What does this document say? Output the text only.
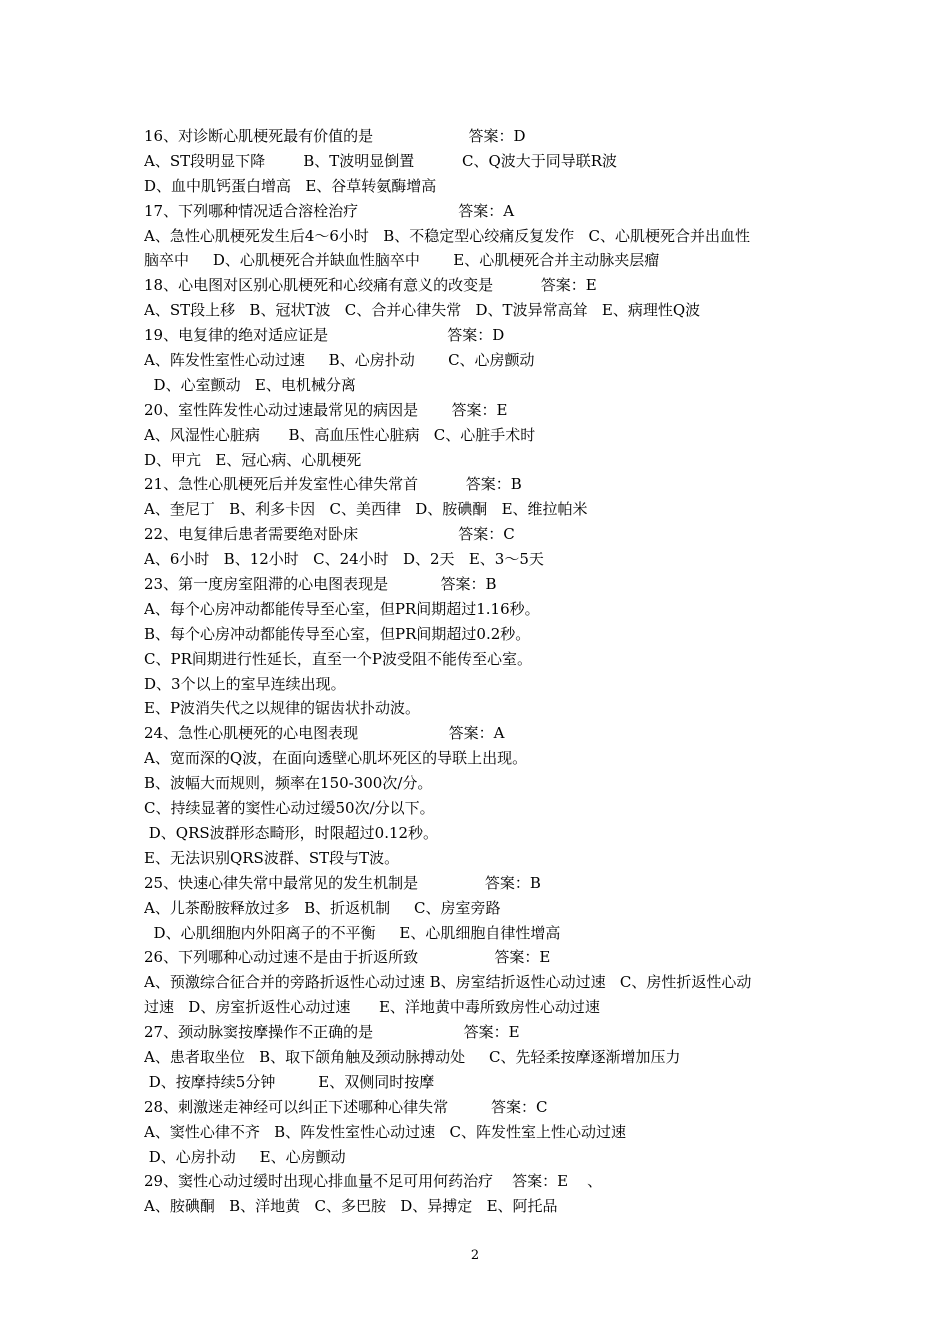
16、对诊断心肌梗死最有价值的是                    答案：D
A、ST段明显下降        B、T波明显倒置          C、Q波大于同导联R波
D、血中肌钙蛋白增高   E、谷草转氨酶增高
17、下列哪种情况适合溶栓治疗                     答案：A
A、急性心肌梗死发生后4～6小时   B、不稳定型心绞痛反复发作   C、心肌梗死合并出血性
脑卒中     D、心肌梗死合并缺血性脑卒中       E、心肌梗死合并主动脉夹层瘤
18、心电图对区别心肌梗死和心绞痛有意义的改变是          答案：E
A、ST段上移   B、冠状T波   C、合并心律失常   D、T波异常高耸   E、病理性Q波
19、电复律的绝对适应证是                         答案：D
A、阵发性室性心动过速     B、心房扑动       C、心房颤动
D、心室颤动   E、电机械分离
20、室性阵发性心动过速最常见的病因是       答案：E
A、风湿性心脏病      B、高血压性心脏病   C、心脏手术时
D、甲亢   E、冠心病、心肌梗死
21、急性心肌梗死后并发室性心律失常首          答案：B
A、奎尼丁   B、利多卡因   C、美西律   D、胺碘酮   E、维拉帕米
22、电复律后患者需要绝对卧床                     答案：C
A、6小时   B、12小时   C、24小时   D、2天   E、3～5天
23、第一度房室阻滞的心电图表现是           答案：B
A、每个心房冲动都能传导至心室，但PR间期超过1.16秒。
B、每个心房冲动都能传导至心室，但PR间期超过0.2秒。
C、PR间期进行性延长，直至一个P波受阻不能传至心室。
D、3个以上的室早连续出现。
E、P波消失代之以规律的锯齿状扑动波。
24、急性心肌梗死的心电图表现                   答案：A
A、宽而深的Q波，在面向透壁心肌坏死区的导联上出现。
B、波幅大而规则，频率在150-300次/分。
C、持续显著的窦性心动过缓50次/分以下。
D、QRS波群形态畸形，时限超过0.12秒。
E、无法识别QRS波群、ST段与T波。
25、快速心律失常中最常见的发生机制是              答案：B
A、儿茶酚胺释放过多   B、折返机制     C、房室旁路
D、心肌细胞内外阳离子的不平衡     E、心肌细胞自律性增高
26、下列哪种心动过速不是由于折返所致                答案：E
A、预激综合征合并的旁路折返性心动过速 B、房室结折返性心动过速   C、房性折返性心动
过速   D、房室折返性心动过速      E、洋地黄中毒所致房性心动过速
27、颈动脉窦按摩操作不正确的是                   答案：E
A、患者取坐位   B、取下颌角触及颈动脉搏动处     C、先轻柔按摩逐渐增加压力
D、按摩持续5分钟         E、双侧同时按摩
28、刺激迷走神经可以纠正下述哪种心律失常         答案：C
A、窦性心律不齐   B、阵发性室性心动过速   C、阵发性室上性心动过速
D、心房扑动     E、心房颤动
29、窦性心动过缓时出现心排血量不足可用何药治疗    答案：E    、
A、胺碘酮   B、洋地黄   C、多巴胺   D、异搏定   E、阿托品
2
